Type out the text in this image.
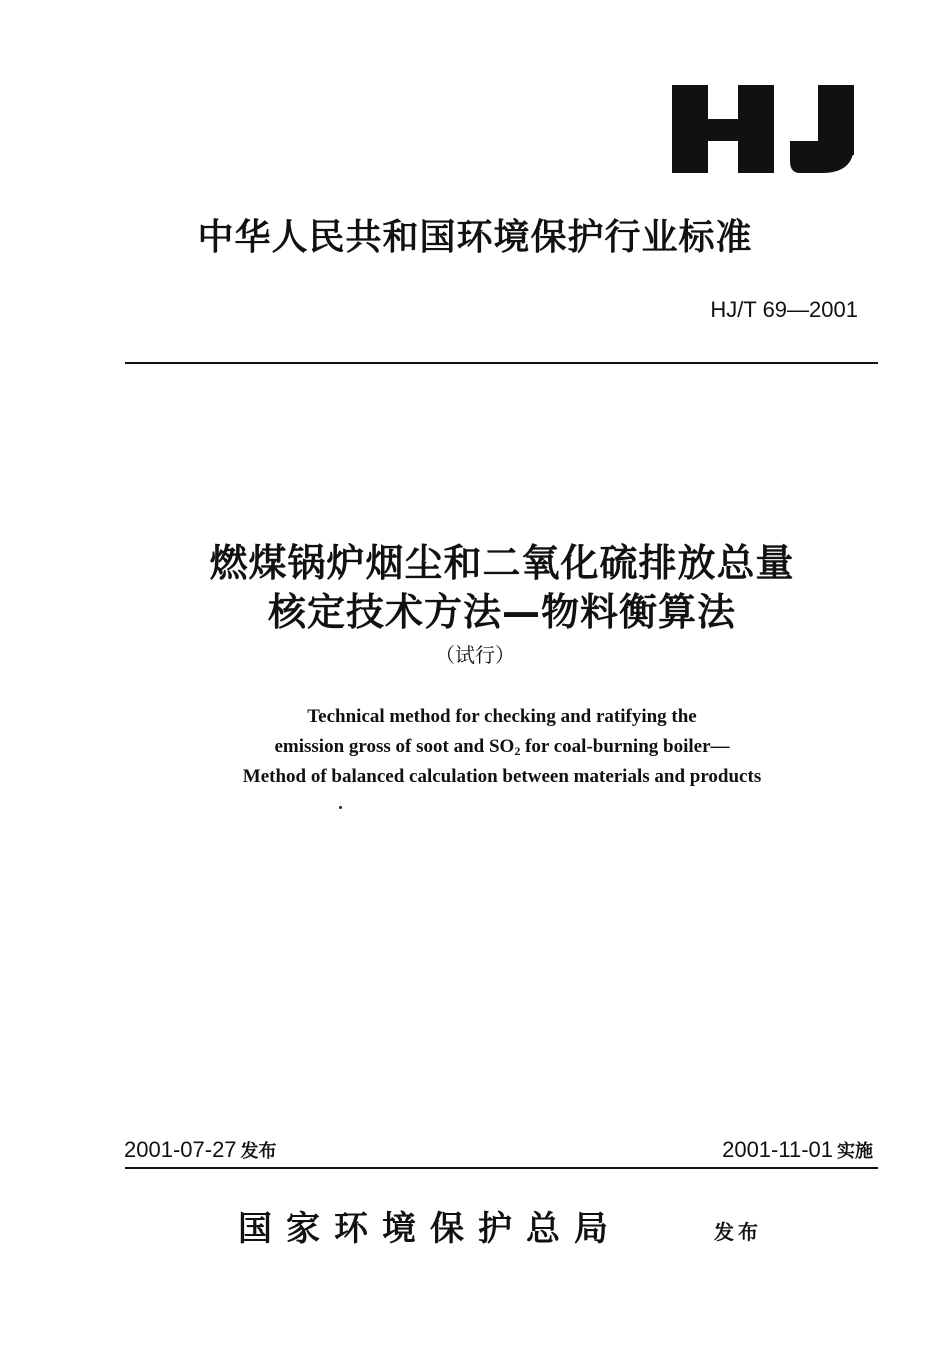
中华人民共和国环境保护行业标准
HJ/T 69—2001
燃煤锅炉烟尘和二氧化硫排放总量
核定技术方法—物料衡算法
（试行）

Technical method for checking and ratifying the

emission gross of soot and $SO_2$ for coal-burning boiler—

Method of balanced calculation between materials and products

2001-07-27 发布	2001-11-01 实施
国家环境保护总局	发布
